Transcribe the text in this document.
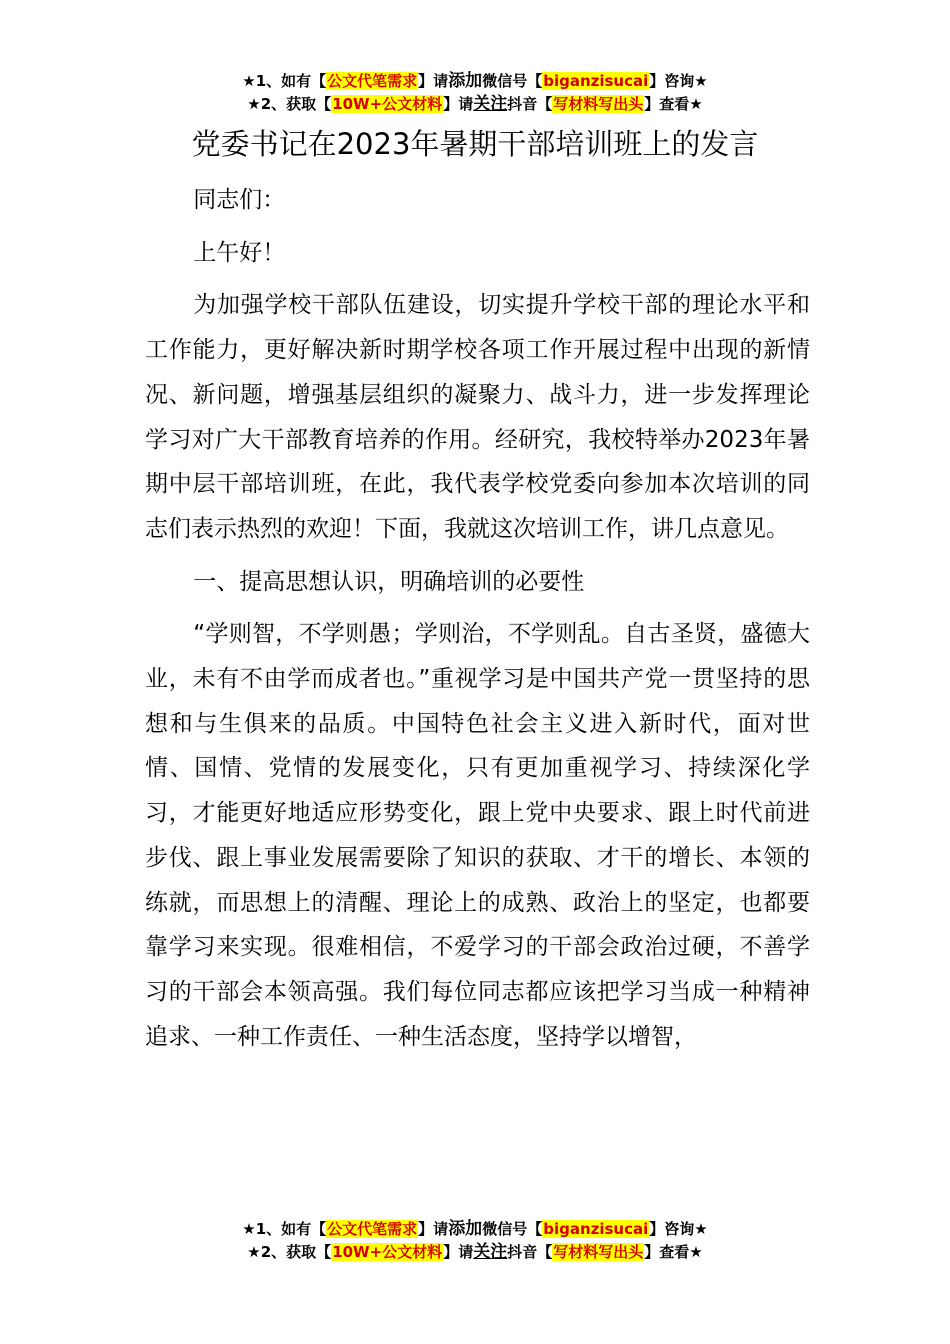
★1、如有【公文代笔需求】请添加微信号【biganzisucai】咨询★
★2、获取【10W+公文材料】请关注抖音【写材料写出头】查看★
党委书记在2023年暑期干部培训班上的发言

同志们：

上午好！

为加强学校干部队伍建设，切实提升学校干部的理论水平和工作能力，更好解决新时期学校各项工作开展过程中出现的新情况、新问题，增强基层组织的凝聚力、战斗力，进一步发挥理论学习对广大干部教育培养的作用。经研究，我校特举办2023年暑期中层干部培训班，在此，我代表学校党委向参加本次培训的同志们表示热烈的欢迎！下面，我就这次培训工作，讲几点意见。

一、提高思想认识，明确培训的必要性

“学则智，不学则愚；学则治，不学则乱。自古圣贤，盛德大业，未有不由学而成者也。”重视学习是中国共产党一贯坚持的思想和与生俱来的品质。中国特色社会主义进入新时代，面对世情、国情、党情的发展变化，只有更加重视学习、持续深化学习，才能更好地适应形势变化，跟上党中央要求、跟上时代前进步伐、跟上事业发展需要除了知识的获取、才干的增长、本领的练就，而思想上的清醒、理论上的成熟、政治上的坚定，也都要靠学习来实现。很难相信，不爱学习的干部会政治过硬，不善学习的干部会本领高强。我们每位同志都应该把学习当成一种精神追求、一种工作责任、一种生活态度，坚持学以增智，

★1、如有【公文代笔需求】请添加微信号【biganzisucai】咨询★
★2、获取【10W+公文材料】请关注抖音【写材料写出头】查看★
